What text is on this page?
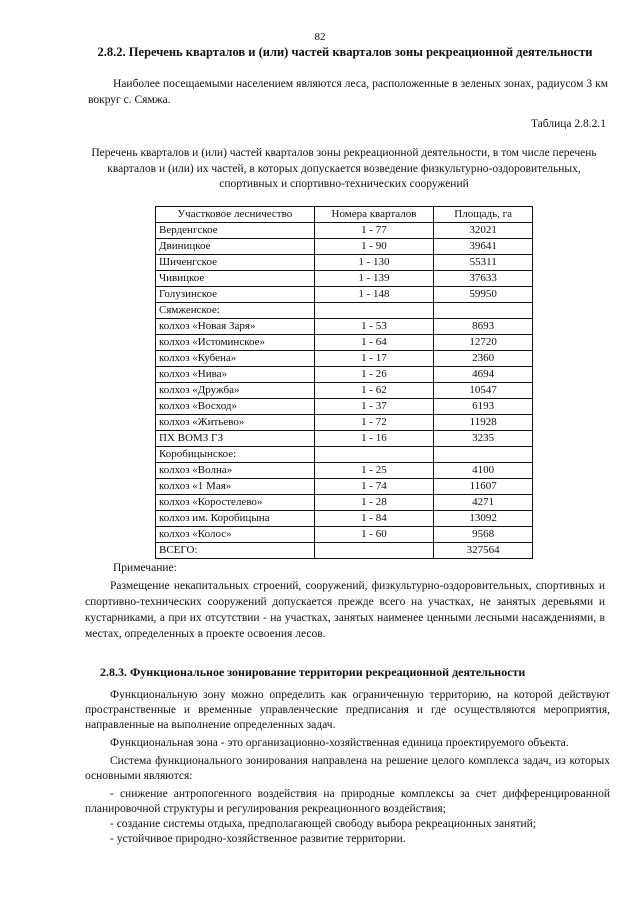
82
2.8.2. Перечень кварталов и (или) частей кварталов зоны рекреационной деятельности

Наиболее посещаемыми населением являются леса, расположенные в зеленых зонах, радиусом 3 км вокруг с. Сямжа.

Таблица 2.8.2.1

Перечень кварталов и (или) частей кварталов зоны рекреационной деятельности, в том числе перечень кварталов и (или) их частей, в которых допускается возведение физкультурно-оздоровительных, спортивных и спортивно-технических сооружений

Участковое лесничество	Номера кварталов	Площадь, га
Верденгское	1 - 77	32021
Двиницкое	1 - 90	39641
Шиченгское	1 - 130	55311
Чивицкое	1 - 139	37633
Голузинское	1 - 148	59950
Сямженское:		
колхоз «Новая Заря»	1 - 53	8693
колхоз «Истоминское»	1 - 64	12720
колхоз «Кубена»	1 - 17	2360
колхоз «Нива»	1 - 26	4694
колхоз «Дружба»	1 - 62	10547
колхоз «Восход»	1 - 37	6193
колхоз «Житьево»	1 - 72	11928
ПХ ВОМЗ ГЗ	1 - 16	3235
Коробицынское:		
колхоз «Волна»	1 - 25	4100
колхоз «1 Мая»	1 - 74	11607
колхоз «Коростелево»	1 - 28	4271
колхоз им. Коробицына	1 - 84	13092
колхоз «Колос»	1 - 60	9568
ВСЕГО:		327564
Примечание:

Размещение некапитальных строений, сооружений, физкультурно-оздоровительных, спортивных и спортивно-технических сооружений допускается прежде всего на участках, не занятых деревьями и кустарниками, а при их отсутствии - на участках, занятых наименее ценными лесными насаждениями, в местах, определенных в проекте освоения лесов.

2.8.3. Функциональное зонирование территории рекреационной деятельности

Функциональную зону можно определить как ограниченную территорию, на которой действуют пространственные и временные управленческие предписания и где осуществляются мероприятия, направленные на выполнение определенных задач.

Функциональная зона - это организационно-хозяйственная единица проектируемого объекта.

Система функционального зонирования направлена на решение целого комплекса задач, из которых основными являются:

- снижение антропогенного воздействия на природные комплексы за счет дифференцированной планировочной структуры и регулирования рекреационного воздействия;

- создание системы отдыха, предполагающей свободу выбора рекреационных занятий;

- устойчивое природно-хозяйственное развитие территории.
